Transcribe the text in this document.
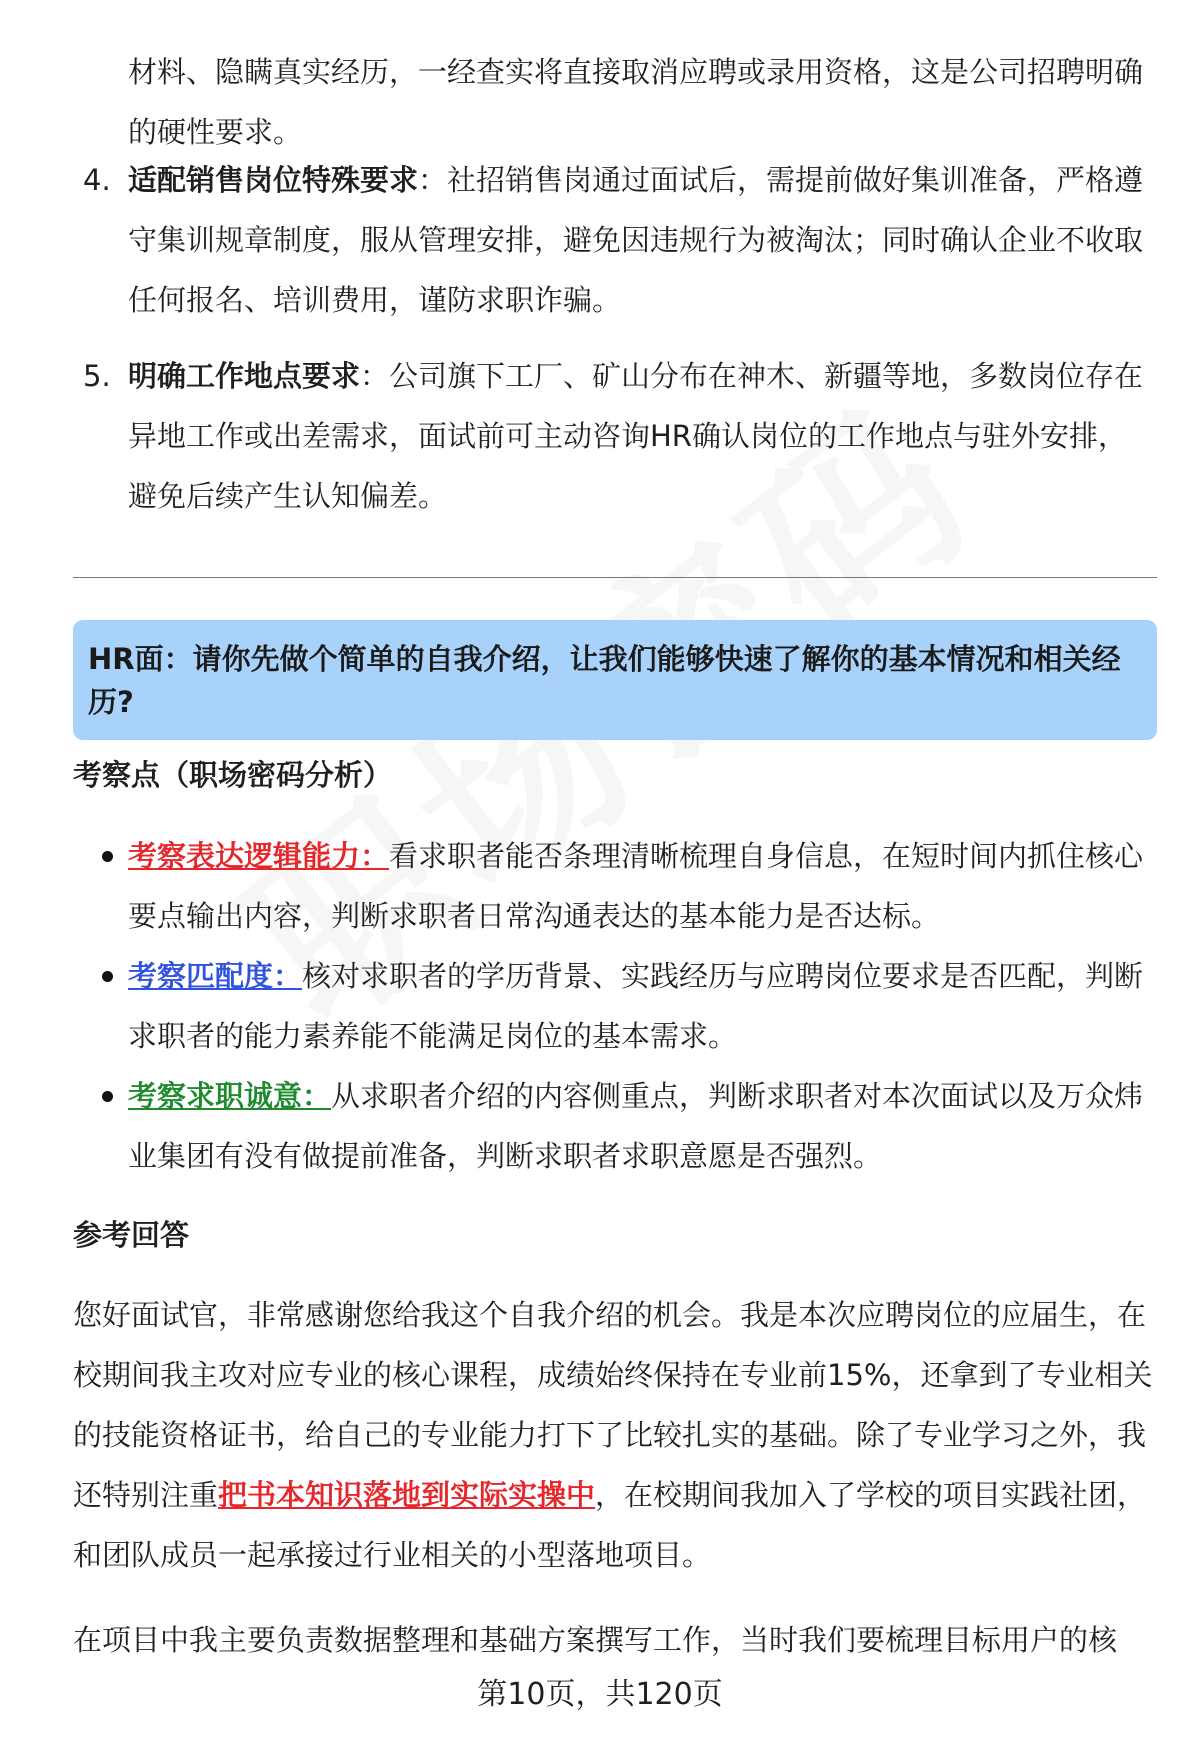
材料、隐瞒真实经历，一经查实将直接取消应聘或录用资格，这是公司招聘明确的硬性要求。

4. 适配销售岗位特殊要求：社招销售岗通过面试后，需提前做好集训准备，严格遵守集训规章制度，服从管理安排，避免因违规行为被淘汰；同时确认企业不收取任何报名、培训费用，谨防求职诈骗。
5. 明确工作地点要求：公司旗下工厂、矿山分布在神木、新疆等地，多数岗位存在异地工作或出差需求，面试前可主动咨询HR确认岗位的工作地点与驻外安排，避免后续产生认知偏差。
HR面：请你先做个简单的自我介绍，让我们能够快速了解你的基本情况和相关经历?
考察点（职场密码分析）
考察表达逻辑能力：看求职者能否条理清晰梳理自身信息，在短时间内抓住核心要点输出内容，判断求职者日常沟通表达的基本能力是否达标。
考察匹配度：核对求职者的学历背景、实践经历与应聘岗位要求是否匹配，判断求职者的能力素养能不能满足岗位的基本需求。
考察求职诚意：从求职者介绍的内容侧重点，判断求职者对本次面试以及万众炜业集团有没有做提前准备，判断求职者求职意愿是否强烈。
参考回答

您好面试官，非常感谢您给我这个自我介绍的机会。我是本次应聘岗位的应届生，在校期间我主攻对应专业的核心课程，成绩始终保持在专业前15%，还拿到了专业相关的技能资格证书，给自己的专业能力打下了比较扎实的基础。除了专业学习之外，我还特别注重把书本知识落地到实际实操中，在校期间我加入了学校的项目实践社团，和团队成员一起承接过行业相关的小型落地项目。

在项目中我主要负责数据整理和基础方案撰写工作，当时我们要梳理目标用户的核

第10页，共120页
